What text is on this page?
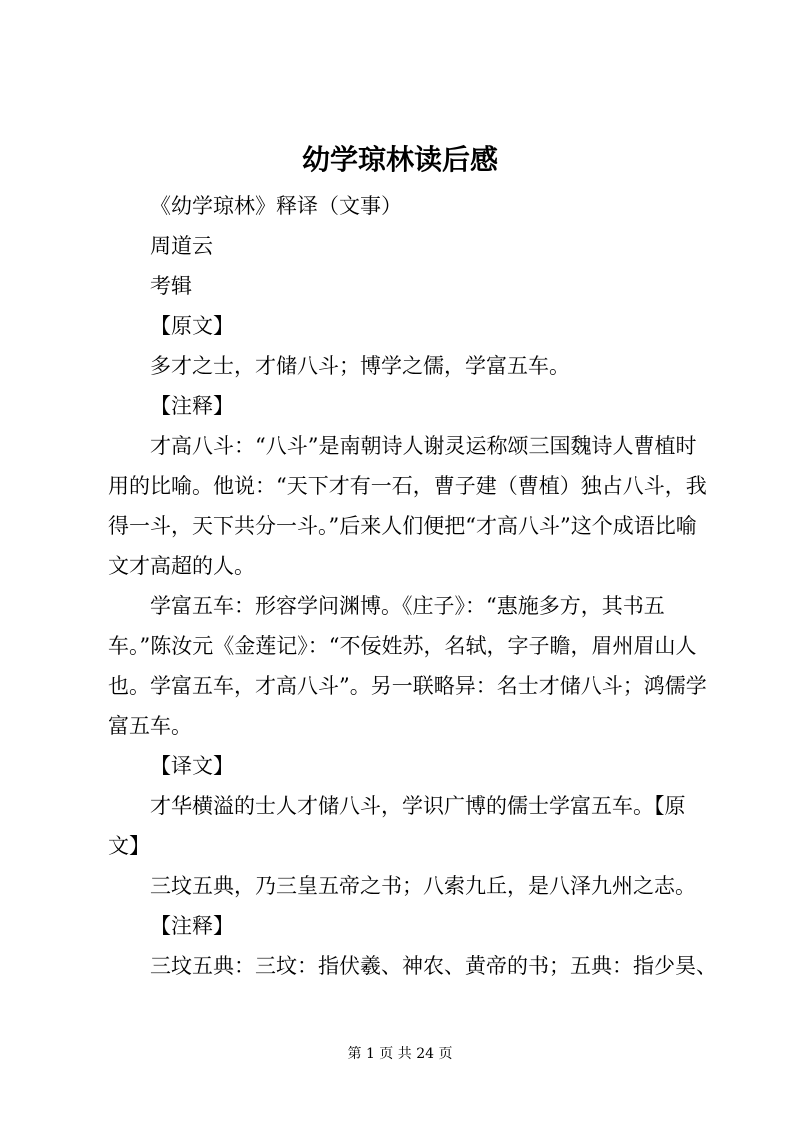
幼学琼林读后感

《幼学琼林》释译（文事）

周道云

考辑

【原文】

多才之士，才储八斗；博学之儒，学富五车。

【注释】

才高八斗：“八斗”是南朝诗人谢灵运称颂三国魏诗人曹植时用的比喻。他说：“天下才有一石，曹子建（曹植）独占八斗，我得一斗，天下共分一斗。”后来人们便把“才高八斗”这个成语比喻文才高超的人。

学富五车：形容学问渊博。《庄子》：“惠施多方，其书五车。”陈汝元《金莲记》：“不佞姓苏，名轼，字子瞻，眉州眉山人也。学富五车，才高八斗”。另一联略异：名士才储八斗；鸿儒学富五车。

【译文】

才华横溢的士人才储八斗，学识广博的儒士学富五车。【原文】

三坟五典，乃三皇五帝之书；八索九丘，是八泽九州之志。

【注释】

三坟五典：三坟：指伏羲、神农、黄帝的书；五典：指少昊、

第 1 页 共 24 页
